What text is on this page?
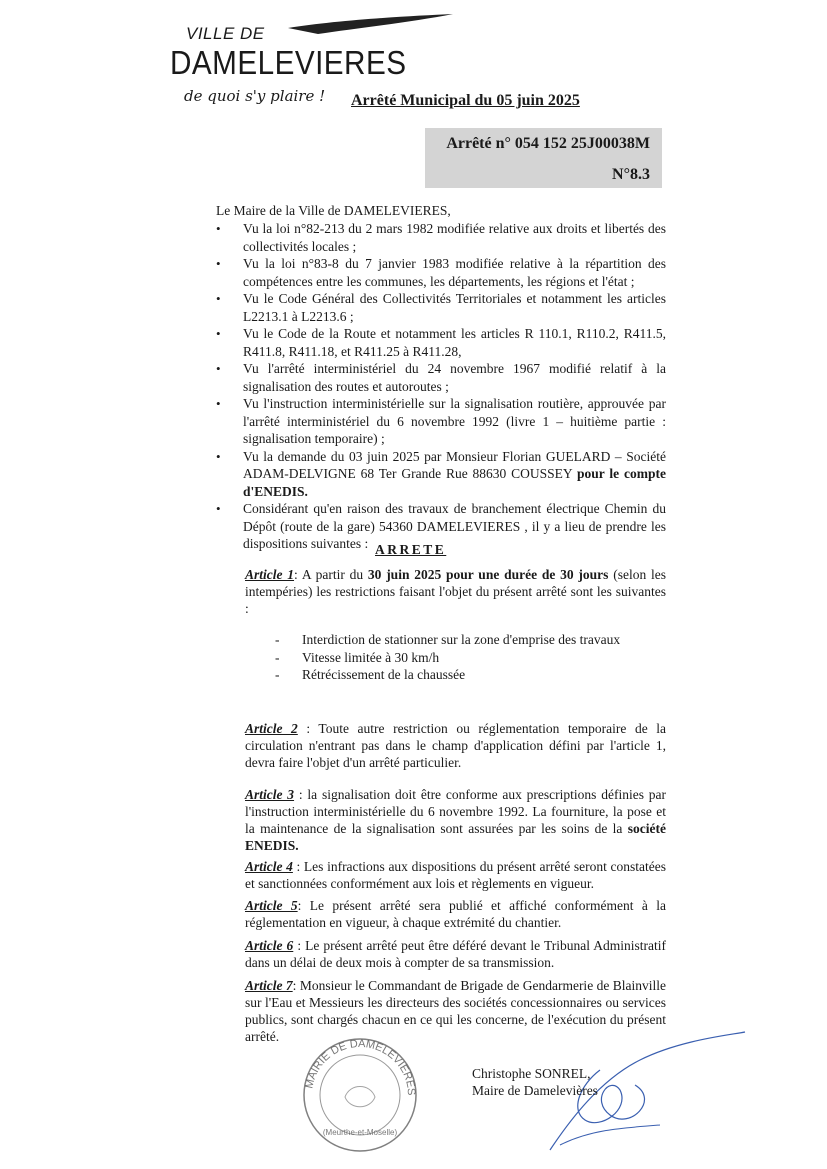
VILLE DE
DAMELEVIERES
de quoi s'y plaire ! Arrêté Municipal du 05 juin 2025
Arrêté n° 054 152 25J00038M
N°8.3
Le Maire de la Ville de DAMELEVIERES,
• Vu la loi n°82-213 du 2 mars 1982 modifiée relative aux droits et libertés des collectivités locales ;
• Vu la loi n°83-8 du 7 janvier 1983 modifiée relative à la répartition des compétences entre les communes, les départements, les régions et l'état ;
• Vu le Code Général des Collectivités Territoriales et notamment les articles L2213.1 à L2213.6 ;
• Vu le Code de la Route et notamment les articles R 110.1, R110.2, R411.5, R411.8, R411.18, et R411.25 à R411.28,
• Vu l'arrêté interministériel du 24 novembre 1967 modifié relatif à la signalisation des routes et autoroutes ;
• Vu l'instruction interministérielle sur la signalisation routière, approuvée par l'arrêté interministériel du 6 novembre 1992 (livre 1 – huitième partie : signalisation temporaire) ;
• Vu la demande du 03 juin 2025 par Monsieur Florian GUELARD – Société ADAM-DELVIGNE 68 Ter Grande Rue 88630 COUSSEY pour le compte d'ENEDIS.
• Considérant qu'en raison des travaux de branchement électrique Chemin du Dépôt (route de la gare) 54360 DAMELEVIERES , il y a lieu de prendre les dispositions suivantes : ARRETE
Article 1: A partir du 30 juin 2025 pour une durée de 30 jours (selon les intempéries) les restrictions faisant l'objet du présent arrêté sont les suivantes :
- Interdiction de stationner sur la zone d'emprise des travaux
- Vitesse limitée à 30 km/h
- Rétrécissement de la chaussée
Article 2 : Toute autre restriction ou réglementation temporaire de la circulation n'entrant pas dans le champ d'application défini par l'article 1, devra faire l'objet d'un arrêté particulier.
Article 3 : la signalisation doit être conforme aux prescriptions définies par l'instruction interministérielle du 6 novembre 1992. La fourniture, la pose et la maintenance de la signalisation sont assurées par les soins de la société ENEDIS.
Article 4 : Les infractions aux dispositions du présent arrêté seront constatées et sanctionnées conformément aux lois et règlements en vigueur.
Article 5: Le présent arrêté sera publié et affiché conformément à la réglementation en vigueur, à chaque extrémité du chantier.
Article 6 : Le présent arrêté peut être déféré devant le Tribunal Administratif dans un délai de deux mois à compter de sa transmission.
Article 7: Monsieur le Commandant de Brigade de Gendarmerie de Blainville sur l'Eau et Messieurs les directeurs des sociétés concessionnaires ou services publics, sont chargés chacun en ce qui les concerne, de l'exécution du présent arrêté.
MAIRIE DE DAMELEVIERES
(Meurthe-et-Moselle)
Christophe SONREL,
Maire de Damelevières
